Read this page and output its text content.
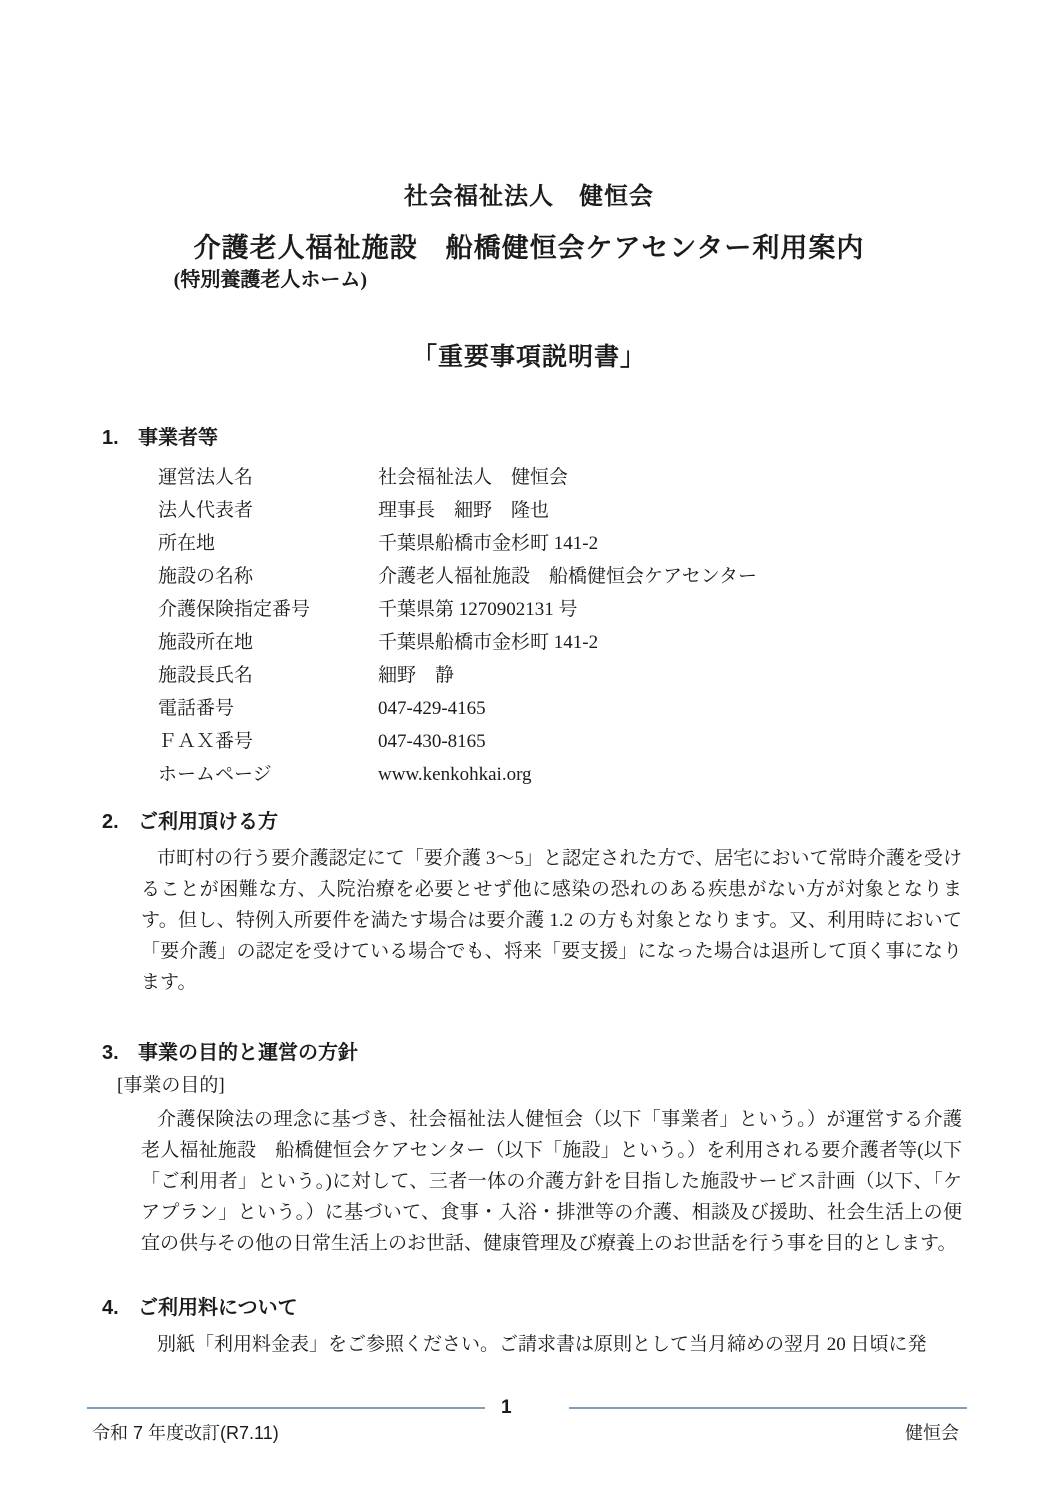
社会福祉法人　健恒会
介護老人福祉施設　船橋健恒会ケアセンター利用案内
(特別養護老人ホーム)
「重要事項説明書」
1. 事業者等
運営法人名	社会福祉法人　健恒会
法人代表者	理事長　細野　隆也
所在地	千葉県船橋市金杉町 141-2
施設の名称	介護老人福祉施設　船橋健恒会ケアセンター
介護保険指定番号	千葉県第 1270902131 号
施設所在地	千葉県船橋市金杉町 141-2
施設長氏名	細野　静
電話番号	047-429-4165
ＦＡＸ番号	047-430-8165
ホームページ	www.kenkohkai.org
2. ご利用頂ける方

市町村の行う要介護認定にて「要介護 3～5」と認定された方で、居宅において常時介護を受けることが困難な方、入院治療を必要とせず他に感染の恐れのある疾患がない方が対象となります。但し、特例入所要件を満たす場合は要介護 1.2 の方も対象となります。又、利用時において「要介護」の認定を受けている場合でも、将来「要支援」になった場合は退所して頂く事になります。

3. 事業の目的と運営の方針
[事業の目的]

介護保険法の理念に基づき、社会福祉法人健恒会（以下「事業者」という。）が運営する介護老人福祉施設　船橋健恒会ケアセンター（以下「施設」という。）を利用される要介護者等(以下「ご利用者」という。)に対して、三者一体の介護方針を目指した施設サービス計画（以下、「ケアプラン」という。）に基づいて、食事・入浴・排泄等の介護、相談及び援助、社会生活上の便宜の供与その他の日常生活上のお世話、健康管理及び療養上のお世話を行う事を目的とします。

4. ご利用料について

別紙「利用料金表」をご参照ください。ご請求書は原則として当月締めの翌月 20 日頃に発

1
令和 7 年度改訂(R7.11)	健恒会
